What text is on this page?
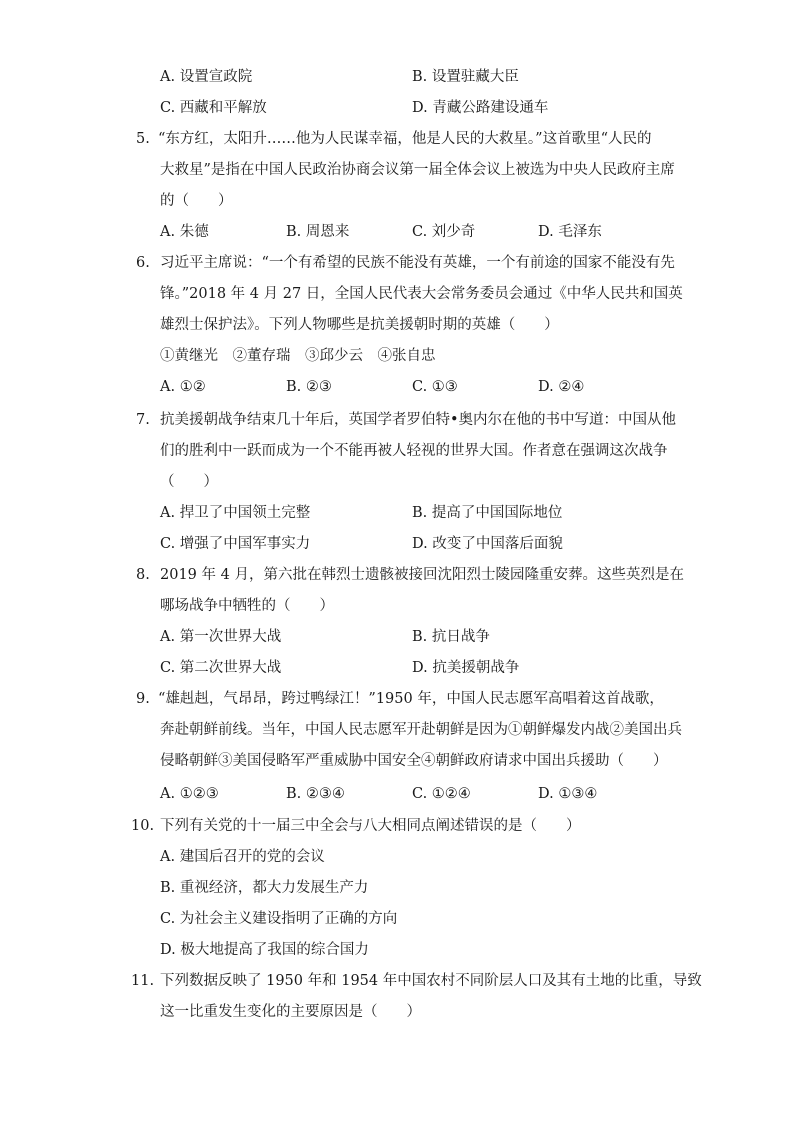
A. 设置宣政院	B. 设置驻藏大臣
C. 西藏和平解放	D. 青藏公路建设通车
5. “东方红，太阳升……他为人民谋幸福，他是人民的大救星。”这首歌里“人民的
大救星”是指在中国人民政治协商会议第一届全体会议上被选为中央人民政府主席
的（　　）
A. 朱德	B. 周恩来	C. 刘少奇	D. 毛泽东
6. 习近平主席说：“一个有希望的民族不能没有英雄，一个有前途的国家不能没有先
锋。”2018 年 4 月 27 日，全国人民代表大会常务委员会通过《中华人民共和国英
雄烈士保护法》。下列人物哪些是抗美援朝时期的英雄（　　）
①黄继光　②董存瑞　③邱少云　④张自忠
A. ①②	B. ②③	C. ①③	D. ②④
7. 抗美援朝战争结束几十年后，英国学者罗伯特•奥内尔在他的书中写道：中国从他
们的胜利中一跃而成为一个不能再被人轻视的世界大国。作者意在强调这次战争
（　　）
A. 捍卫了中国领土完整	B. 提高了中国国际地位
C. 增强了中国军事实力	D. 改变了中国落后面貌
8. 2019 年 4 月，第六批在韩烈士遗骸被接回沈阳烈士陵园隆重安葬。这些英烈是在
哪场战争中牺牲的（　　）
A. 第一次世界大战	B. 抗日战争
C. 第二次世界大战	D. 抗美援朝战争
9. “雄赳赳，气昂昂，跨过鸭绿江！”1950 年，中国人民志愿军高唱着这首战歌，
奔赴朝鲜前线。当年，中国人民志愿军开赴朝鲜是因为①朝鲜爆发内战②美国出兵
侵略朝鲜③美国侵略军严重威胁中国安全④朝鲜政府请求中国出兵援助（　　）
A. ①②③	B. ②③④	C. ①②④	D. ①③④
10. 下列有关党的十一届三中全会与八大相同点阐述错误的是（　　）
A. 建国后召开的党的会议
B. 重视经济，都大力发展生产力
C. 为社会主义建设指明了正确的方向
D. 极大地提高了我国的综合国力
11. 下列数据反映了 1950 年和 1954 年中国农村不同阶层人口及其有土地的比重，导致
这一比重发生变化的主要原因是（　　）
